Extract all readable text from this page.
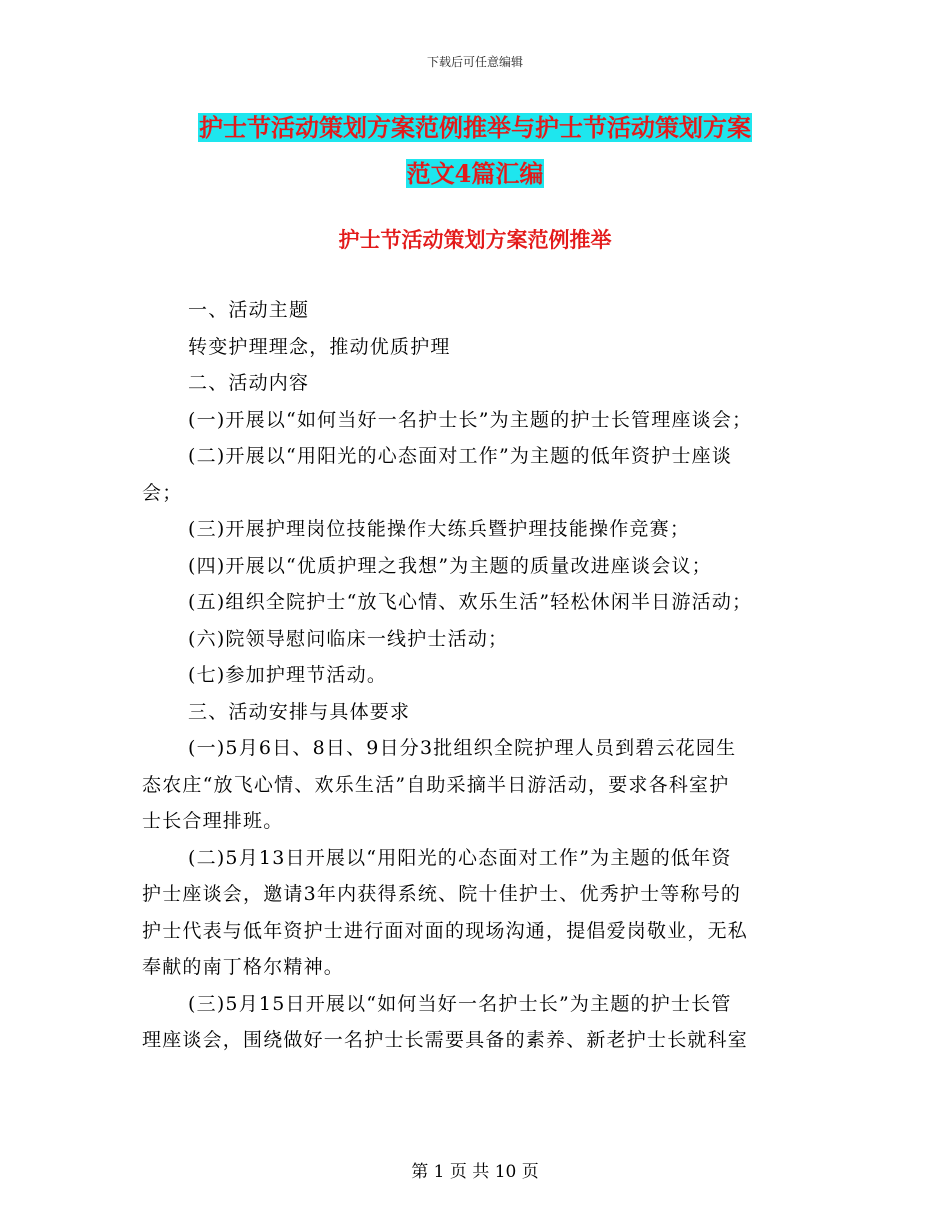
下载后可任意编辑
护士节活动策划方案范例推举与护士节活动策划方案
范文4篇汇编
护士节活动策划方案范例推举
一、活动主题
转变护理理念，推动优质护理
二、活动内容
(一)开展以“如何当好一名护士长”为主题的护士长管理座谈会；
(二)开展以“用阳光的心态面对工作”为主题的低年资护士座谈
会；
(三)开展护理岗位技能操作大练兵暨护理技能操作竞赛；
(四)开展以“优质护理之我想”为主题的质量改进座谈会议；
(五)组织全院护士“放飞心情、欢乐生活”轻松休闲半日游活动；
(六)院领导慰问临床一线护士活动；
(七)参加护理节活动。
三、活动安排与具体要求
(一)5月6日、8日、9日分3批组织全院护理人员到碧云花园生
态农庄“放飞心情、欢乐生活”自助采摘半日游活动，要求各科室护
士长合理排班。
(二)5月13日开展以“用阳光的心态面对工作”为主题的低年资
护士座谈会，邀请3年内获得系统、院十佳护士、优秀护士等称号的
护士代表与低年资护士进行面对面的现场沟通，提倡爱岗敬业，无私
奉献的南丁格尔精神。
(三)5月15日开展以“如何当好一名护士长”为主题的护士长管
理座谈会，围绕做好一名护士长需要具备的素养、新老护士长就科室
第 1 页 共 10 页
